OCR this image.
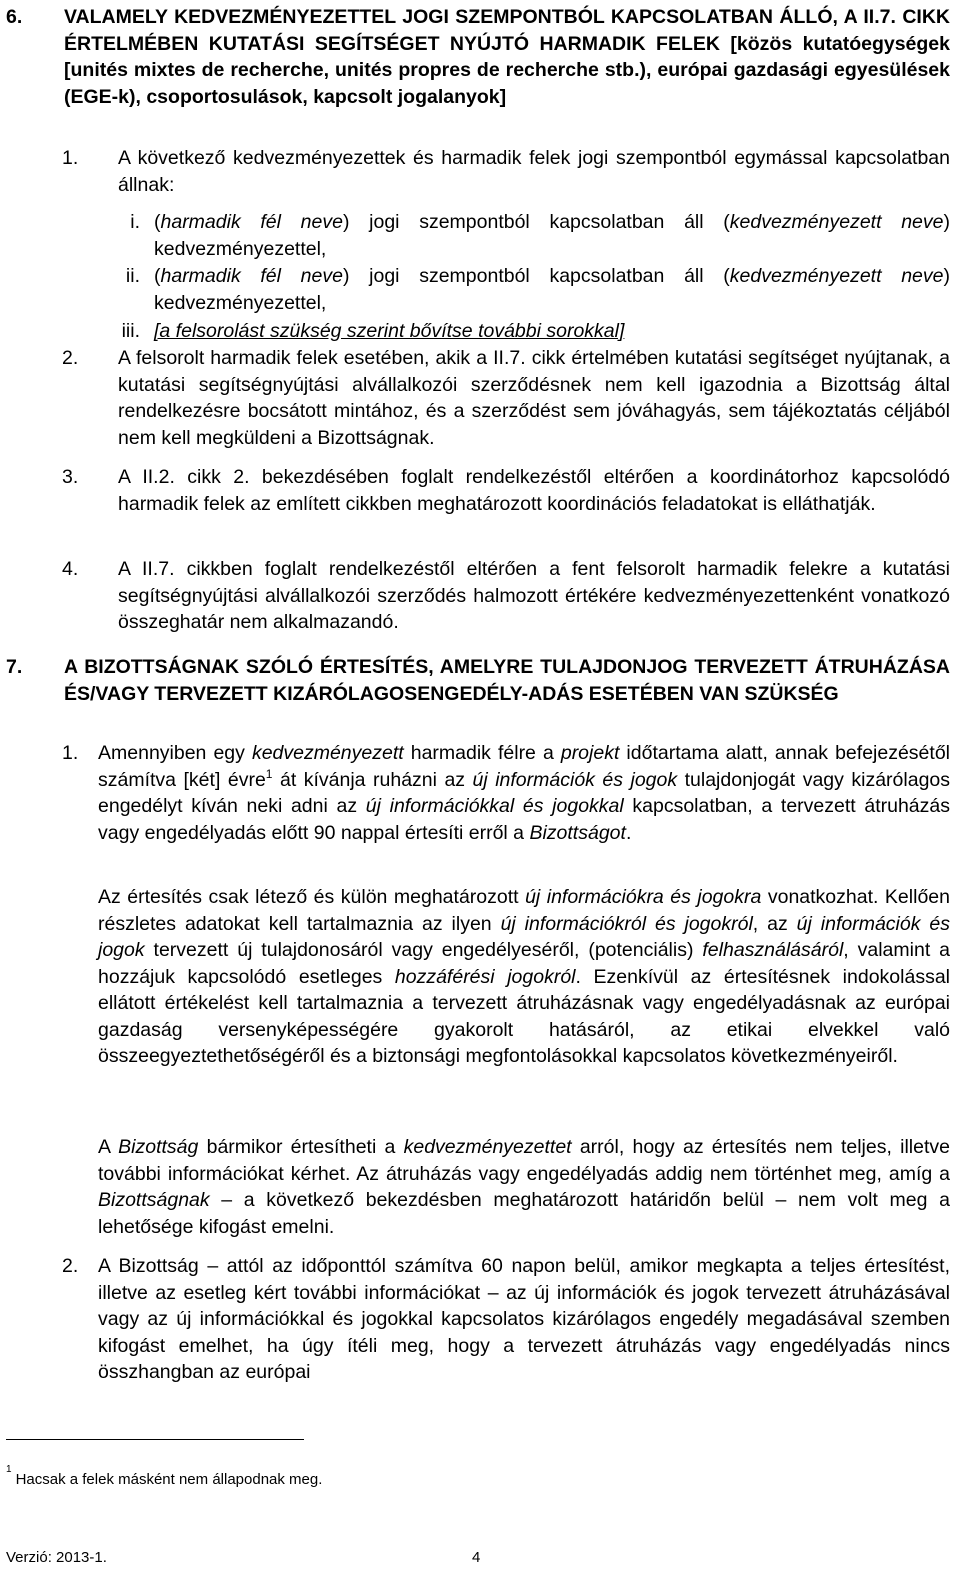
6. VALAMELY KEDVEZMÉNYEZETTEL JOGI SZEMPONTBÓL KAPCSOLATBAN ÁLLÓ, A II.7. CIKK ÉRTELMÉBEN KUTATÁSI SEGÍTSÉGET NYÚJTÓ HARMADIK FELEK [közös kutatóegységek [unités mixtes de recherche, unités propres de recherche stb.), európai gazdasági egyesülések (EGE-k), csoportosulások, kapcsolt jogalanyok]
1. A következő kedvezményezettek és harmadik felek jogi szempontból egymással kapcsolatban állnak:
i. (harmadik fél neve) jogi szempontból kapcsolatban áll (kedvezményezett neve) kedvezményezettel,
ii. (harmadik fél neve) jogi szempontból kapcsolatban áll (kedvezményezett neve) kedvezményezettel,
iii. [a felsorolást szükség szerint bővítse további sorokkal]
2. A felsorolt harmadik felek esetében, akik a II.7. cikk értelmében kutatási segítséget nyújtanak, a kutatási segítségnyújtási alvállalkozói szerződésnek nem kell igazodnia a Bizottság által rendelkezésre bocsátott mintához, és a szerződést sem jóváhagyás, sem tájékoztatás céljából nem kell megküldeni a Bizottságnak.
3. A II.2. cikk 2. bekezdésében foglalt rendelkezéstől eltérően a koordinátorhoz kapcsolódó harmadik felek az említett cikkben meghatározott koordinációs feladatokat is elláthatják.
4. A II.7. cikkben foglalt rendelkezéstől eltérően a fent felsorolt harmadik felekre a kutatási segítségnyújtási alvállalkozói szerződés halmozott értékére kedvezményezettenként vonatkozó összeghatár nem alkalmazandó.
7. A BIZOTTSÁGNAK SZÓLÓ ÉRTESÍTÉS, AMELYRE TULAJDONJOG TERVEZETT ÁTRUHÁZÁSA ÉS/VAGY TERVEZETT KIZÁRÓLAGOSENGEDÉLY-ADÁS ESETÉBEN VAN SZÜKSÉG
1. Amennyiben egy kedvezményezett harmadik félre a projekt időtartama alatt, annak befejezésétől számítva [két] évre$^1$ át kívánja ruházni az új információk és jogok tulajdonjogát vagy kizárólagos engedélyt kíván neki adni az új információkkal és jogokkal kapcsolatban, a tervezett átruházás vagy engedélyadás előtt 90 nappal értesíti erről a Bizottságot.
Az értesítés csak létező és külön meghatározott új információkra és jogokra vonatkozhat. Kellően részletes adatokat kell tartalmaznia az ilyen új információkról és jogokról, az új információk és jogok tervezett új tulajdonosáról vagy engedélyeséről, (potenciális) felhasználásáról, valamint a hozzájuk kapcsolódó esetleges hozzáférési jogokról. Ezenkívül az értesítésnek indokolással ellátott értékelést kell tartalmaznia a tervezett átruházásnak vagy engedélyadásnak az európai gazdaság versenyképességére gyakorolt hatásáról, az etikai elvekkel való összeegyeztethetőségéről és a biztonsági megfontolásokkal kapcsolatos következményeiről.
A Bizottság bármikor értesítheti a kedvezményezettet arról, hogy az értesítés nem teljes, illetve további információkat kérhet. Az átruházás vagy engedélyadás addig nem történhet meg, amíg a Bizottságnak – a következő bekezdésben meghatározott határidőn belül – nem volt meg a lehetősége kifogást emelni.
2. A Bizottság – attól az időponttól számítva 60 napon belül, amikor megkapta a teljes értesítést, illetve az esetleg kért további információkat – az új információk és jogok tervezett átruházásával vagy az új információkkal és jogokkal kapcsolatos kizárólagos engedély megadásával szemben kifogást emelhet, ha úgy ítéli meg, hogy a tervezett átruházás vagy engedélyadás nincs összhangban az európai
$^1$Hacsak a felek másként nem állapodnak meg.
Verzió: 2013-1.	4
